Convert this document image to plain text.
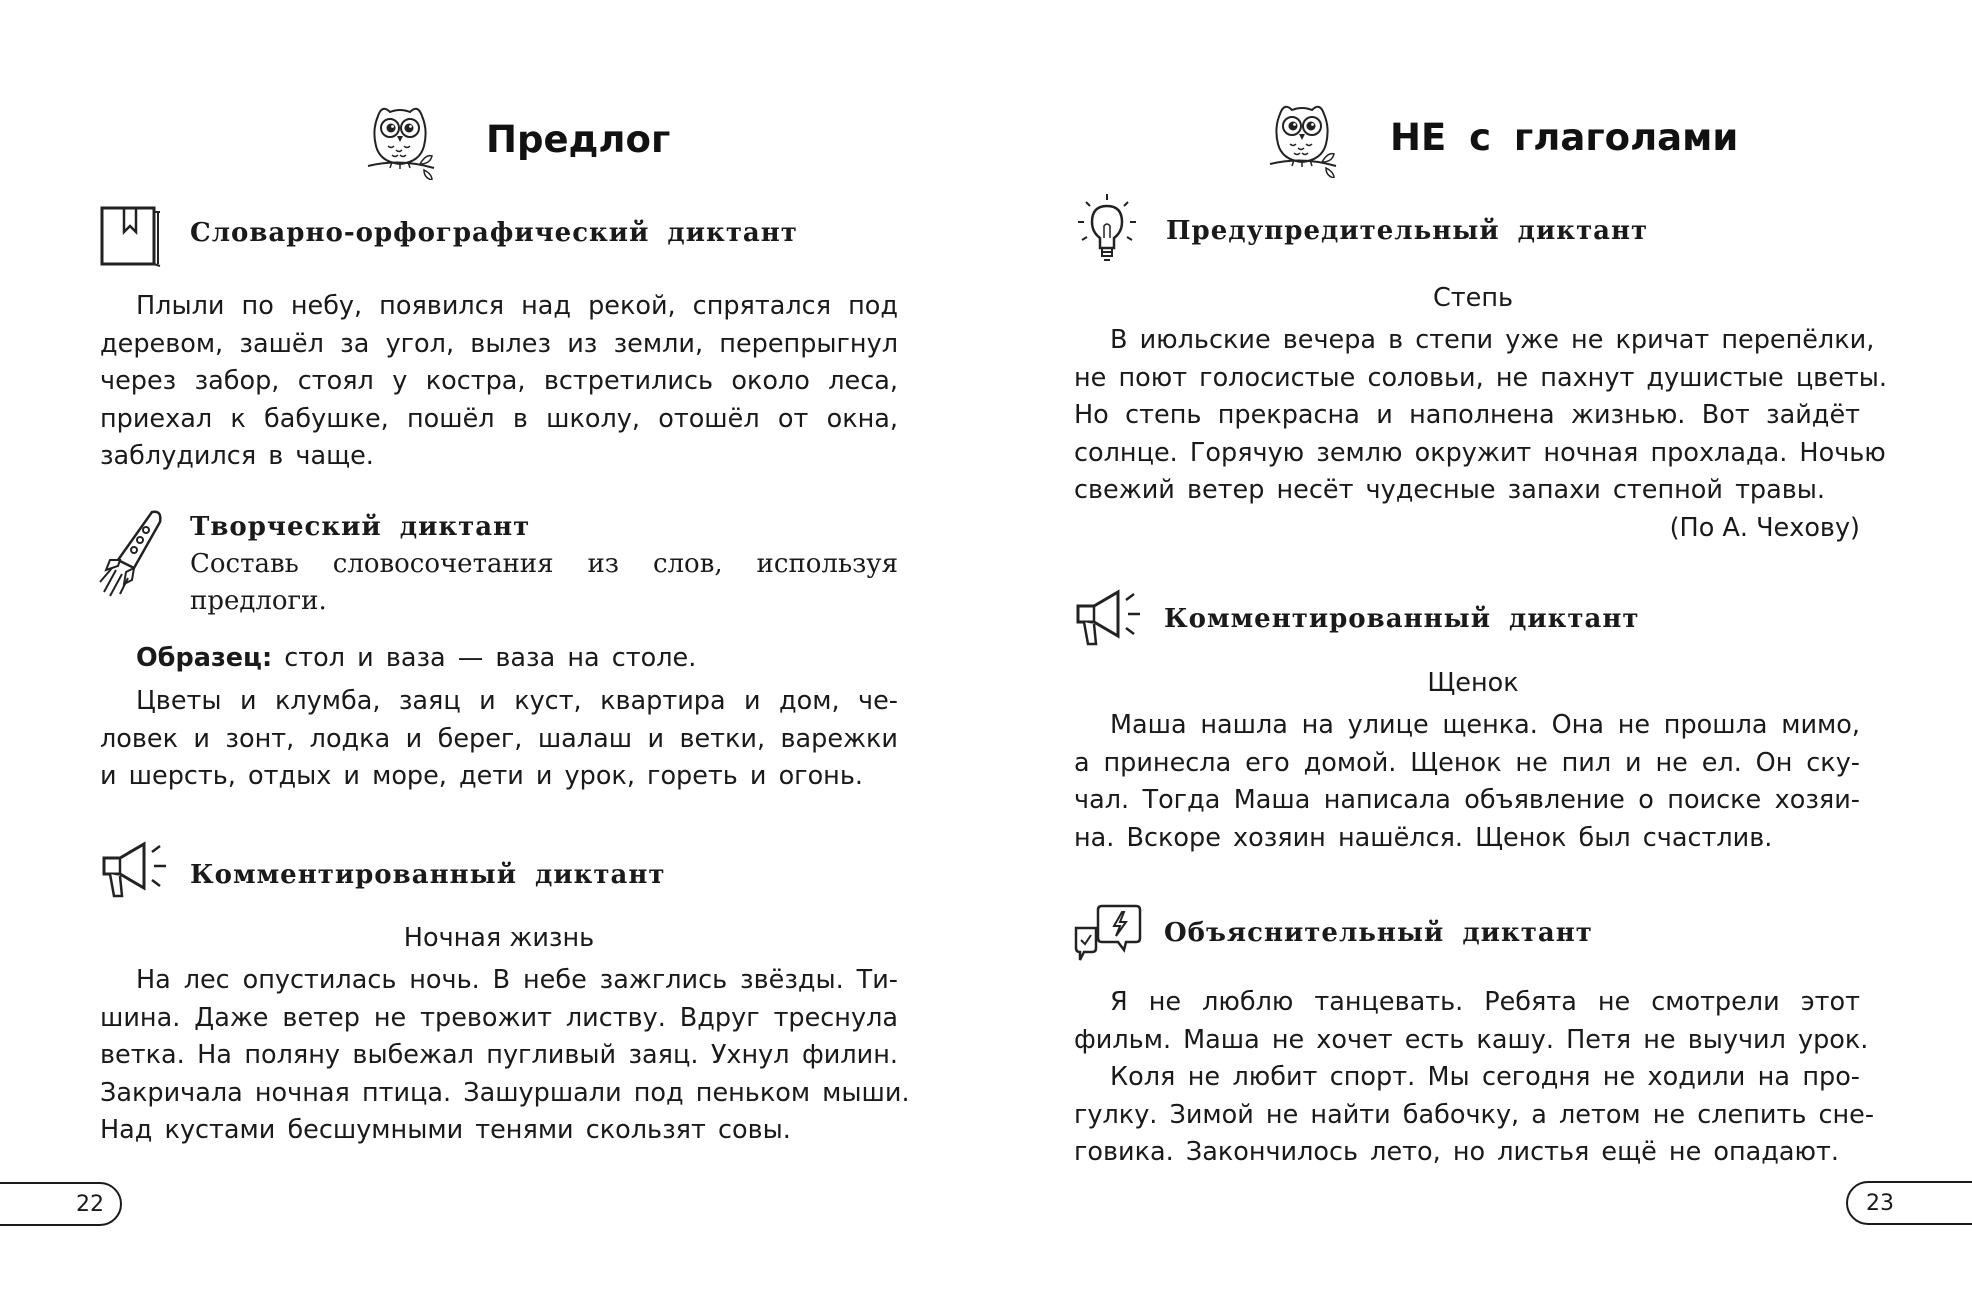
Предлог
Словарно-орфографический диктант
Плыли по небу, появился над рекой, спрятался под
деревом, зашёл за угол, вылез из земли, перепрыгнул
через забор, стоял у костра, встретились около леса,
приехал к бабушке, пошёл в школу, отошёл от окна,
заблудился в чаще.
Творческий диктант
Составь словосочетания из слов, используя предлоги.
Образец: стол и ваза — ваза на столе.
Цветы и клумба, заяц и куст, квартира и дом, че-
ловек и зонт, лодка и берег, шалаш и ветки, варежки
и шерсть, отдых и море, дети и урок, гореть и огонь.
Комментированный диктант
Ночная жизнь
На лес опустилась ночь. В небе зажглись звёзды. Ти-
шина. Даже ветер не тревожит листву. Вдруг треснула
ветка. На поляну выбежал пугливый заяц. Ухнул филин.
Закричала ночная птица. Зашуршали под пеньком мыши.
Над кустами бесшумными тенями скользят совы.
22
НЕ с глаголами
Предупредительный диктант
Степь
В июльские вечера в степи уже не кричат перепёлки,
не поют голосистые соловьи, не пахнут душистые цветы.
Но степь прекрасна и наполнена жизнью. Вот зайдёт
солнце. Горячую землю окружит ночная прохлада. Ночью
свежий ветер несёт чудесные запахи степной травы.
(По А. Чехову)
Комментированный диктант
Щенок
Маша нашла на улице щенка. Она не прошла мимо,
а принесла его домой. Щенок не пил и не ел. Он ску-
чал. Тогда Маша написала объявление о поиске хозяи-
на. Вскоре хозяин нашёлся. Щенок был счастлив.
Объяснительный диктант
Я не люблю танцевать. Ребята не смотрели этот
фильм. Маша не хочет есть кашу. Петя не выучил урок.
Коля не любит спорт. Мы сегодня не ходили на про-
гулку. Зимой не найти бабочку, а летом не слепить сне-
говика. Закончилось лето, но листья ещё не опадают.
23
